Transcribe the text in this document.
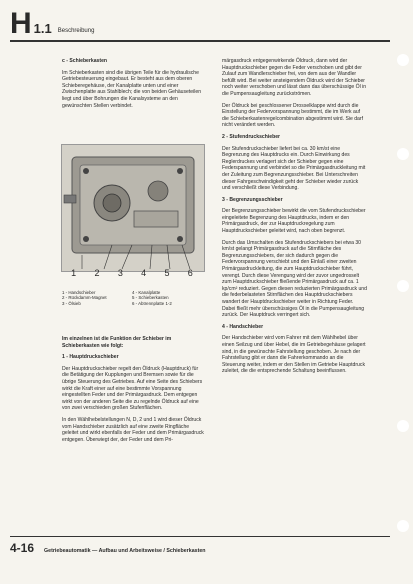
H 1.1 Beschreibung

c - Schieberkasten

Im Schieberkasten sind die übrigen Teile für die hydraulische Getriebesteuerung eingebaut. Er besteht aus dem oberen Schieberegehäuse, der Kanalplatte unten und einer Zwischenplatte aus Stahlblech; die von beiden Gehäuseteilen liegt und über Bohrungen die Kanalsysteme an den gewünschten Stellen verbindet.

1 2 3 4 5 6
1 - Handschieber
2 - Rückdamm-Magnet
3 - Ölsieb
4 - Kanalplatte
5 - Schieberkasten
6 - Abtrennplatte 1-2

Im einzelnen ist die Funktion der Schieber im Schieberkasten wie folgt:

1 - Hauptdruckschieber

Der Hauptdruckschieber regelt den Öldruck (Hauptdruck) für die Betätigung der Kupplungen und Bremsen sowie für die übrige Steuerung des Getriebes. Auf eine Seite des Schiebers wirkt die Kraft einer auf eine bestimmte Vorspannung eingestellten Feder und der Primärgasdruck. Dem entgegen wirkt von der anderen Seite die zu regelnde Öldruck auf eine von zwei verschieden großen Stufenflächen.

In den Wählhebelstellungen N, D, 2 und 1 wird dieser Öldruck vom Handschieber zusätzlich auf eine zweite Ringfläche geleitet und wirkt ebenfalls der Feder und dem Primärgasdruck entgegen. Überwiegt der, der Feder und dem Pri-

märgasdruck entgegenwirkende Öldruck, dann wird der Hauptdruckschieber gegen die Feder verschoben und gibt der Zulauf zum Wandlerschieber frei, von dem aus der Wandler befüllt wird. Bei weiter ansteigendem Öldruck wird der Schieber noch weiter verschoben und lässt dann das überschüssige Öl in die Pumpensaugleitung zurückströmen.

Der Öldruck bei geschlossener Drosselklappe wird durch die Einstellung der Federvorspannung bestimmt, die im Werk auf die Schieberkastenregelcombination abgestimmt wird. Sie darf nicht verändert werden.

2 - Stufendruckschieber

Der Stufendruckschieber liefert bei ca. 30 km/st eine Begrenzung des Hauptdrucks ein. Durch Einwirkung des Reglerdruckes verlagert sich der Schieber gegen eine Federspannung und verbindet so die Primärgasdruckleitung mit der Zuleitung zum Begrenzungsschieber. Bei Unterschreiten dieser Fahrgeschwindigkeit geht der Schieber wieder zurück und verschließt diese Verbindung.

3 - Begrenzungsschieber

Der Begrenzungsschieber bewirkt die vom Stufendruckschieber eingeleitete Begrenzung des Hauptdrucks, indem er den Primärgasdruck, der zur Hauptdruckregelung zum Hauptdruckschieber geleitet wird, nach oben begrenzt.

Durch das Umschalten des Stufendruckschiebers bei etwa 30 km/st gelangt Primärgasdruck auf die Stirnfläche des Begrenzungsschiebers, der sich dadurch gegen die Federvorspannung verschiebt und den Einlaß einer zweiten Primärgasdruckleitung, die zum Hauptdruckschieber führt, verengt. Durch diese Verengung wird der zuvor ungedrosselt zum Hauptdruckschieber fließende Primärgasdruck auf ca. 1 kp/cm² reduziert. Gegen diesen reduzierten Primärgasdruck und die federbelasteten Stirnflächen des Hauptdruckschiebers wandert der Hauptdruckschieber weiter in Richtung Feder. Dabei fließt mehr überschüssiges Öl in die Pumpensaugleitung zurück. Der Hauptdruck verringert sich.

4 - Handschieber

Der Handschieber wird vom Fahrer mit dem Wählhebel über einen Seilzug und über Hebel, die im Getriebegehäuse gelagert sind, in die gewünschte Fahrstellung geschoben. Je nach der Fahrstellung gibt er dann die Fahrerkommando an die Steuerung weiter, indem er den Stellen im Getriebe Hauptdruck zuleitet, die die entsprechende Schaltung beeinflussen.

4-16 Getriebeautomatik — Aufbau und Arbeitsweise / Schieberkasten
